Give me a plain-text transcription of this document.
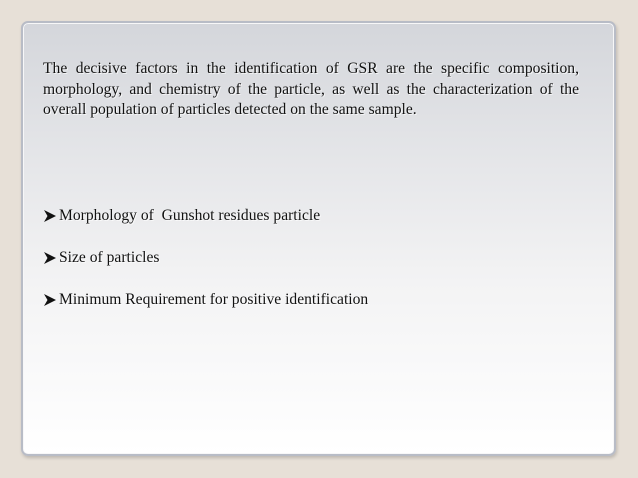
The decisive factors in the identification of GSR are the specific composition, morphology, and chemistry of the particle, as well as the characterization of the overall population of particles detected on the same sample.

Morphology of  Gunshot residues particle
Size of particles
Minimum Requirement for positive identification
